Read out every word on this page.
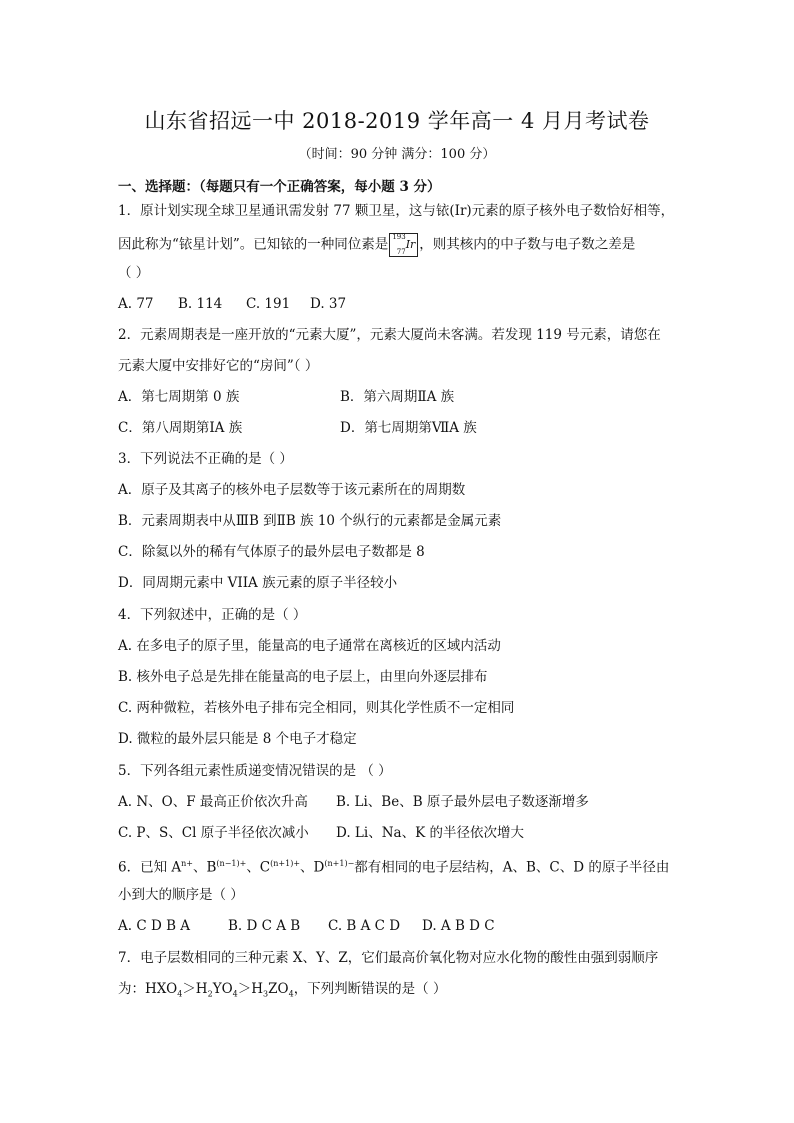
山东省招远一中 2018-2019 学年高一 4 月月考试卷
（时间：90 分钟 满分：100 分）
一、选择题：（每题只有一个正确答案，每小题 3 分）
1．原计划实现全球卫星通讯需发射 77 颗卫星，这与铱(Ir)元素的原子核外电子数恰好相等，
因此称为“铱星计划”。已知铱的一种同位素是 $^{193}$
$_{77}$Ir ，则其核内的中子数与电子数之差是
（ ）
A. 77 B. 114 C. 191 D. 37
2．元素周期表是一座开放的“元素大厦”，元素大厦尚未客满。若发现 119 号元素，请您在
元素大厦中安排好它的“房间”（ ）
A．第七周期第 0 族	B．第六周期ⅡA 族
C．第八周期第ⅠA 族	D．第七周期第ⅦA 族
3．下列说法不正确的是（ ）
A．原子及其离子的核外电子层数等于该元素所在的周期数
B．元素周期表中从ⅢB 到ⅡB 族 10 个纵行的元素都是金属元素
C．除氦以外的稀有气体原子的最外层电子数都是 8
D．同周期元素中 VIIA 族元素的原子半径较小
4．下列叙述中，正确的是（ ）
A. 在多电子的原子里，能量高的电子通常在离核近的区域内活动
B. 核外电子总是先排在能量高的电子层上，由里向外逐层排布
C. 两种微粒，若核外电子排布完全相同，则其化学性质不一定相同
D. 微粒的最外层只能是 8 个电子才稳定
5．下列各组元素性质递变情况错误的是 （ ）
A. N、O、F 最高正价依次升高 B. Li、Be、B 原子最外层电子数逐渐增多
C. P、S、Cl 原子半径依次减小 D. Li、Na、K 的半径依次增大
6．已知 $A^{n+}$、$B^{(n-1)+}$、$C^{(n+1)+}$、$D^{(n+1)-}$都有相同的电子层结构，A、B、C、D 的原子半径由
小到大的顺序是（ ）
A. C D B A	B. D C A B C. B A C D D. A B D C
7．电子层数相同的三种元素 X、Y、Z，它们最高价氧化物对应水化物的酸性由强到弱顺序
为：$HXO_4>H_2YO_4>H_3ZO_4$，下列判断错误的是（ ）
